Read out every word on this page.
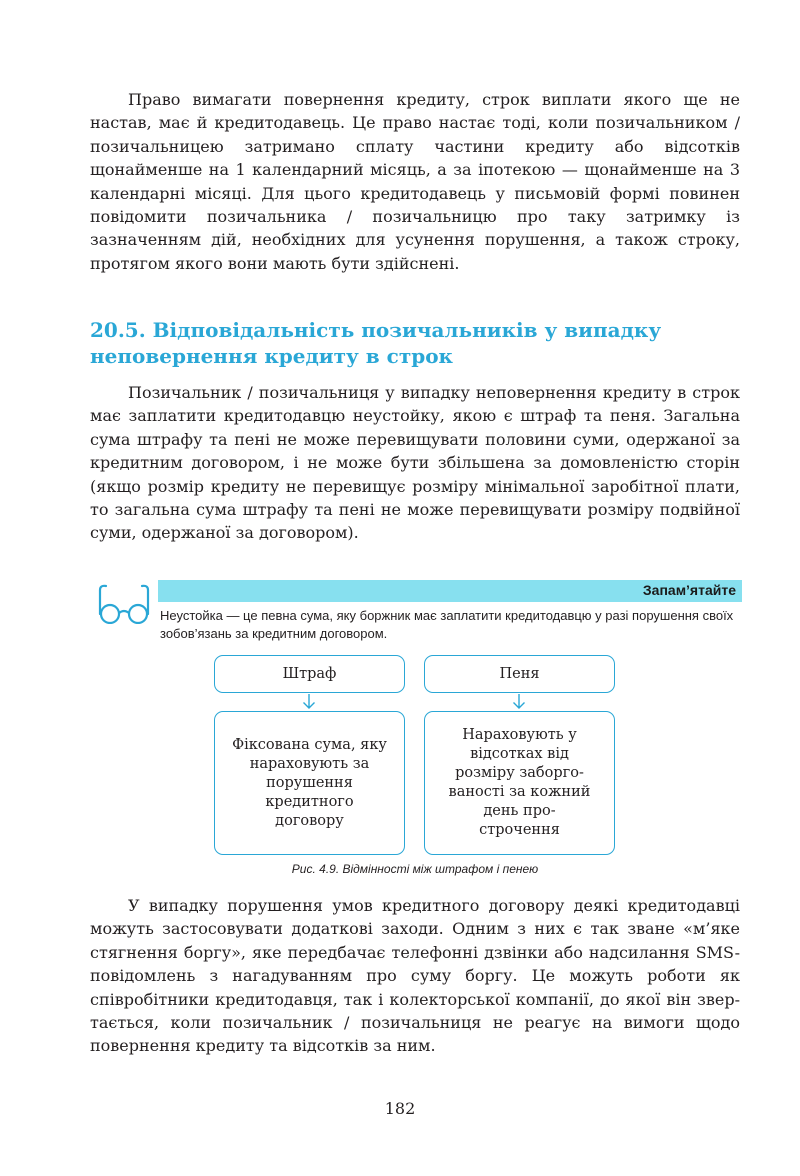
Право вимагати повернення кредиту, строк виплати якого ще не настав, має й кредитодавець. Це право настає тоді, коли позичальником / позичальницею затримано сплату частини кредиту або відсотків щонайменше на 1 календарний місяць, а за іпотекою — щонайменше на 3 календарні місяці. Для цього кредитодавець у письмовій формі повинен повідомити позичальника / позичальницю про таку затримку із зазначенням дій, необхідних для усунення порушення, а також строку, протягом якого вони мають бути здійснені.

20.5. Відповідальність позичальників у випадку неповернення кредиту в строк

Позичальник / позичальниця у випадку неповернення кредиту в строк має заплатити кредитодавцю неустойку, якою є штраф та пеня. Загальна сума штрафу та пені не може перевищувати половини суми, одержаної за кредитним договором, і не може бути збільшена за домовленістю сторін (якщо розмір кредиту не перевищує розміру мінімальної заробітної плати, то загальна сума штрафу та пені не може перевищувати розміру подвійної суми, одержаної за договором).

Запам’ятайте

Неустойка — це певна сума, яку боржник має заплатити кредитодавцю у разі порушення своїх зобов’язань за кредитним договором.

Штраф	Пеня
Фіксована сума, яку нараховують за порушення кредитного договору
Нараховують у відсотках від розміру заборгованості за кожний день прострочення

Рис. 4.9. Відмінності між штрафом і пенею

У випадку порушення умов кредитного договору деякі кредитодавці можуть застосовувати додаткові заходи. Одним з них є так зване «м’яке стягнення боргу», яке передбачає телефонні дзвінки або надсилання SMS-повідомлень з нагадуванням про суму боргу. Це можуть роботи як співробітники кредитодавця, так і колекторської компанії, до якої він звертається, коли позичальник / позичальниця не реагує на вимоги щодо повернення кредиту та відсотків за ним.

182
